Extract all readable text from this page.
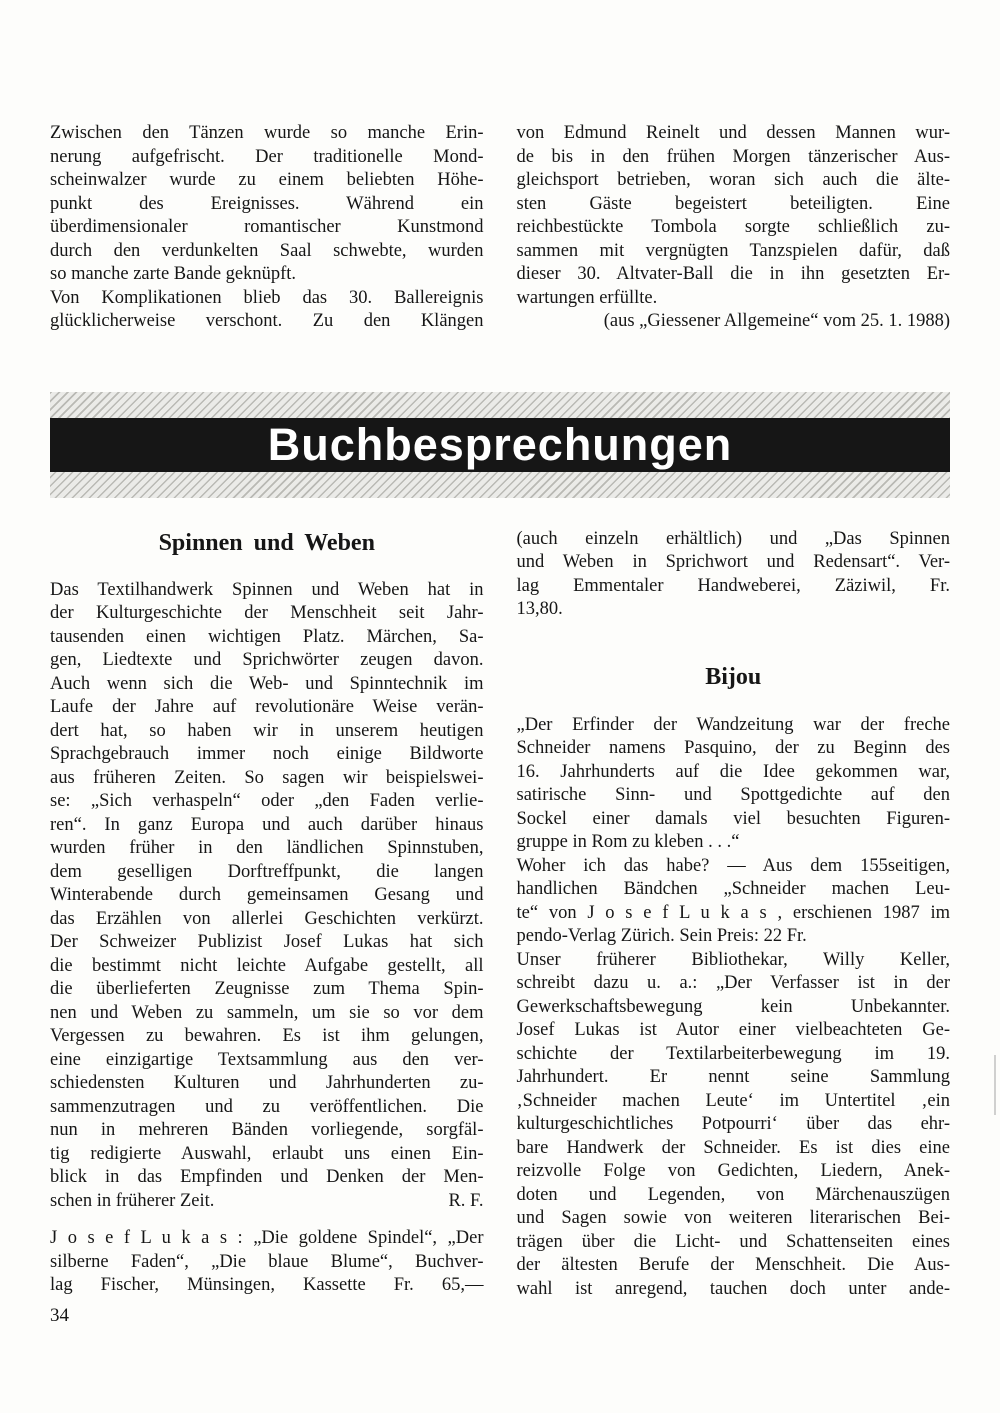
Zwischen den Tänzen wurde so manche Erin-
nerung aufgefrischt. Der traditionelle Mond-
scheinwalzer wurde zu einem beliebten Höhe-
punkt des Ereignisses. Während ein
überdimensionaler romantischer Kunstmond
durch den verdunkelten Saal schwebte, wurden
so manche zarte Bande geknüpft.
Von Komplikationen blieb das 30. Ballereignis
glücklicherweise verschont. Zu den Klängen
von Edmund Reinelt und dessen Mannen wur-
de bis in den frühen Morgen tänzerischer Aus-
gleichsport betrieben, woran sich auch die älte-
sten Gäste begeistert beteiligten. Eine
reichbestückte Tombola sorgte schließlich zu-
sammen mit vergnügten Tanzspielen dafür, daß
dieser 30. Altvater-Ball die in ihn gesetzten Er-
wartungen erfüllte.
(aus „Giessener Allgemeine“ vom 25. 1. 1988)
Buchbesprechungen
Spinnen und Weben
Das Textilhandwerk Spinnen und Weben hat in
der Kulturgeschichte der Menschheit seit Jahr-
tausenden einen wichtigen Platz. Märchen, Sa-
gen, Liedtexte und Sprichwörter zeugen davon.
Auch wenn sich die Web- und Spinntechnik im
Laufe der Jahre auf revolutionäre Weise verän-
dert hat, so haben wir in unserem heutigen
Sprachgebrauch immer noch einige Bildworte
aus früheren Zeiten. So sagen wir beispielswei-
se: „Sich verhaspeln“ oder „den Faden verlie-
ren“. In ganz Europa und auch darüber hinaus
wurden früher in den ländlichen Spinnstuben,
dem geselligen Dorftreffpunkt, die langen
Winterabende durch gemeinsamen Gesang und
das Erzählen von allerlei Geschichten verkürzt.
Der Schweizer Publizist Josef Lukas hat sich
die bestimmt nicht leichte Aufgabe gestellt, all
die überlieferten Zeugnisse zum Thema Spin-
nen und Weben zu sammeln, um sie so vor dem
Vergessen zu bewahren. Es ist ihm gelungen,
eine einzigartige Textsammlung aus den ver-
schiedensten Kulturen und Jahrhunderten zu-
sammenzutragen und zu veröffentlichen. Die
nun in mehreren Bänden vorliegende, sorgfäl-
tig redigierte Auswahl, erlaubt uns einen Ein-
blick in das Empfinden und Denken der Men-
schen in früherer Zeit.	R. F.
J o s e f L u k a s : „Die goldene Spindel“, „Der
silberne Faden“, „Die blaue Blume“, Buchver-
lag Fischer, Münsingen, Kassette Fr. 65,—
(auch einzeln erhältlich) und „Das Spinnen
und Weben in Sprichwort und Redensart“. Ver-
lag Emmentaler Handweberei, Zäziwil, Fr.
13,80.
Bijou
„Der Erfinder der Wandzeitung war der freche
Schneider namens Pasquino, der zu Beginn des
16. Jahrhunderts auf die Idee gekommen war,
satirische Sinn- und Spottgedichte auf den
Sockel einer damals viel besuchten Figuren-
gruppe in Rom zu kleben . . .“
Woher ich das habe? — Aus dem 155seitigen,
handlichen Bändchen „Schneider machen Leu-
te“ von J o s e f L u k a s , erschienen 1987 im
pendo-Verlag Zürich. Sein Preis: 22 Fr.
Unser früherer Bibliothekar, Willy Keller,
schreibt dazu u. a.: „Der Verfasser ist in der
Gewerkschaftsbewegung kein Unbekannter.
Josef Lukas ist Autor einer vielbeachteten Ge-
schichte der Textilarbeiterbewegung im 19.
Jahrhundert. Er nennt seine Sammlung
‚Schneider machen Leute‘ im Untertitel ‚ein
kulturgeschichtliches Potpourri‘ über das ehr-
bare Handwerk der Schneider. Es ist dies eine
reizvolle Folge von Gedichten, Liedern, Anek-
doten und Legenden, von Märchenauszügen
und Sagen sowie von weiteren literarischen Bei-
trägen über die Licht- und Schattenseiten eines
der ältesten Berufe der Menschheit. Die Aus-
wahl ist anregend, tauchen doch unter ande-
34
